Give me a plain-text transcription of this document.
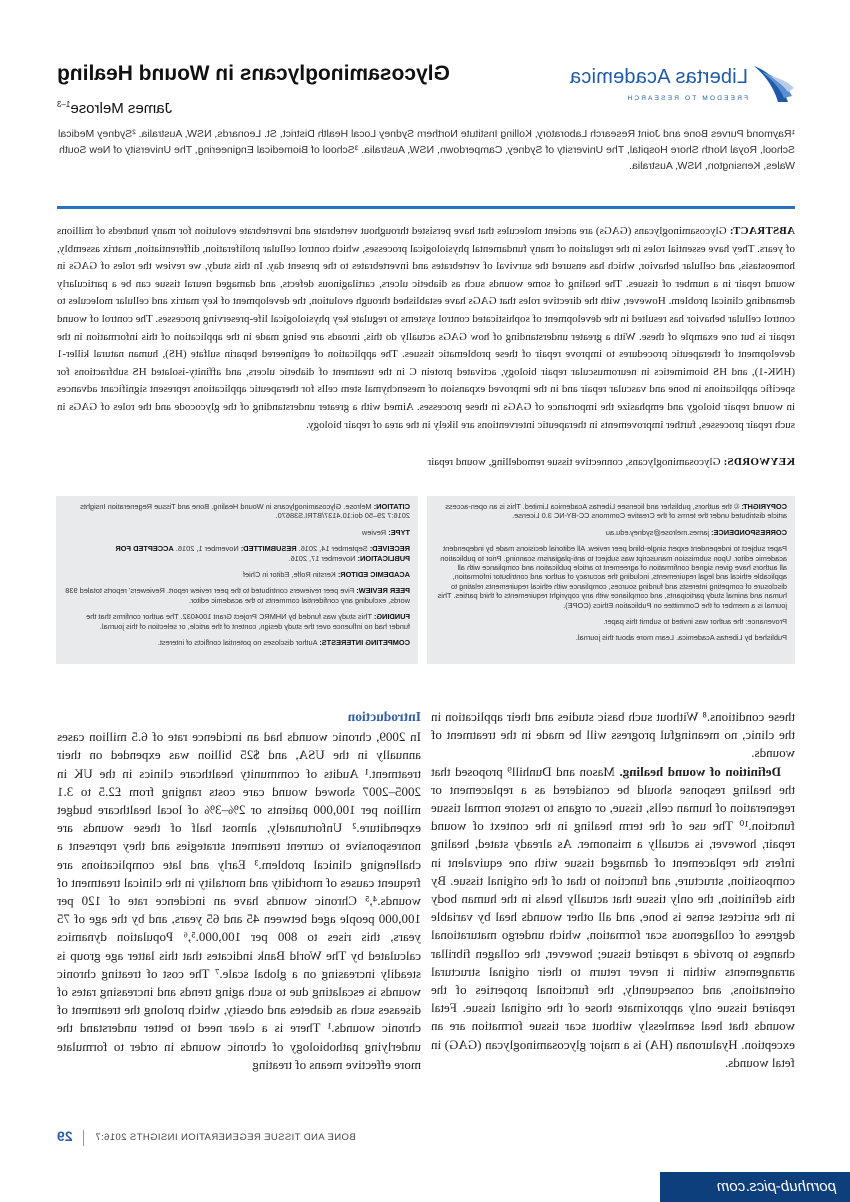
Libertas Academica
FREEDOM TO RESEARCH
Glycosaminoglycans in Wound Healing
James Melrose$^{1-3}$
¹Raymond Purves Bone and Joint Research Laboratory, Kolling Institute Northern Sydney Local Health District, St. Leonards, NSW, Australia. ²Sydney Medical School, Royal North Shore Hospital, The University of Sydney, Camperdown, NSW, Australia. ³School of Biomedical Engineering, The University of New South Wales, Kensington, NSW, Australia.
ABSTRACT: Glycosaminoglycans (GAGs) are ancient molecules that have persisted throughout vertebrate and invertebrate evolution for many hundreds of millions of years. They have essential roles in the regulation of many fundamental physiological processes, which control cellular proliferation, differentiation, matrix assembly, homeostasis, and cellular behavior, which has ensured the survival of vertebrates and invertebrates to the present day. In this study, we review the roles of GAGs in wound repair in a number of tissues. The healing of some wounds such as diabetic ulcers, cartilaginous defects, and damaged neural tissue can be a particularly demanding clinical problem. However, with the directive roles that GAGs have established through evolution, the development of key matrix and cellular molecules to control cellular behavior has resulted in the development of sophisticated control systems to regulate key physiological life-preserving processes. The control of wound repair is but one example of these. With a greater understanding of how GAGs actually do this, inroads are being made in the application of this information in the development of therapeutic procedures to improve repair of these problematic tissues. The application of engineered heparin sulfate (HS), human natural killer-1 (HNK-1), and HS biomimetics in neuromuscular repair biology, activated protein C in the treatment of diabetic ulcers, and affinity-isolated HS subfractions for specific applications in bone and vascular repair and in the improved expansion of mesenchymal stem cells for therapeutic applications represent significant advances in wound repair biology and emphasize the importance of GAGs in these processes. Aimed with a greater understanding of the glycocode and the roles of GAGs in such repair processes, further improvements in therapeutic interventions are likely in the area of repair biology.
KEYWORDS: Glycosaminoglycans, connective tissue remodelling, wound repair

CITATION: Melrose. Glycosaminoglycans in Wound Healing. Bone and Tissue Regeneration Insights 2016:7 29–50 doi:10.4137/BTRI.S38670.

TYPE: Review

RECEIVED: September 14, 2016. RESUBMITTED: November 1, 2016. ACCEPTED FOR PUBLICATION: November 17, 2016.

ACADEMIC EDITOR: Kerstin Rolfe, Editor in Chief

PEER REVIEW: Five peer reviewers contributed to the peer review report. Reviewers' reports totaled 938 words, excluding any confidential comments to the academic editor.

FUNDING: This study was funded by NHMRC Project Grant 1004032. The author confirms that the funder had no influence over the study design, content of the article, or selection of this journal.

COMPETING INTERESTS: Author discloses no potential conflicts of interest.

COPYRIGHT: © the authors, publisher and licensee Libertas Academica Limited. This is an open-access article distributed under the terms of the Creative Commons CC-BY-NC 3.0 License.

CORRESPONDENCE: james.melrose@sydney.edu.au

Paper subject to independent expert single-blind peer review. All editorial decisions made by independent academic editor. Upon submission manuscript was subject to anti-plagiarism scanning. Prior to publication all authors have given signed confirmation of agreement to article publication and compliance with all applicable ethical and legal requirements, including the accuracy of author and contributor information, disclosure of competing interests and funding sources, compliance with ethical requirements relating to human and animal study participants, and compliance with any copyright requirements of third parties. This journal is a member of the Committee on Publication Ethics (COPE).

Provenance: the author was invited to submit this paper.

Published by Libertas Academica. Learn more about this journal.

Introduction

In 2009, chronic wounds had an incidence rate of 6.5 million cases annually in the USA, and $25 billion was expended on their treatment.¹ Audits of community healthcare clinics in the UK in 2005–2007 showed wound care costs ranging from £2.5 to 3.1 million per 100,000 patients or 2%–3% of local healthcare budget expenditure.² Unfortunately, almost half of these wounds are nonresponsive to current treatment strategies and they represent a challenging clinical problem.³ Early and late complications are frequent causes of morbidity and mortality in the clinical treatment of wounds.⁴,⁵ Chronic wounds have an incidence rate of 120 per 100,000 people aged between 45 and 65 years, and by the age of 75 years, this rises to 800 per 100,000.⁵,⁶ Population dynamics calculated by The World Bank indicates that this latter age group is steadily increasing on a global scale.⁷ The cost of treating chronic wounds is escalating due to such aging trends and increasing rates of diseases such as diabetes and obesity, which prolong the treatment of chronic wounds.¹ There is a clear need to better understand the underlying pathobiology of chronic wounds in order to formulate more effective means of treating

these conditions.⁸ Without such basic studies and their application in the clinic, no meaningful progress will be made in the treatment of wounds.

Definition of wound healing. Mason and Dunhill⁹ proposed that the healing response should be considered as a replacement or regeneration of human cells, tissue, or organs to restore normal tissue function.¹⁰ The use of the term healing in the context of wound repair, however, is actually a misnomer. As already stated, healing infers the replacement of damaged tissue with one equivalent in composition, structure, and function to that of the original tissue. By this definition, the only tissue that actually heals in the human body in the strictest sense is bone, and all other wounds heal by variable degrees of collagenous scar formation, which undergo maturational changes to provide a repaired tissue; however, the collagen fibrillar arrangements within it never return to their original structural orientations, and consequently, the functional properties of the repaired tissue only approximate those of the original tissue. Fetal wounds that heal seamlessly without scar tissue formation are an exception. Hyaluronan (HA) is a major glycosaminoglycan (GAG) in fetal wounds.

29 BONE AND TISSUE REGENERATION INSIGHTS 2016:7
pornhub-pics.com
